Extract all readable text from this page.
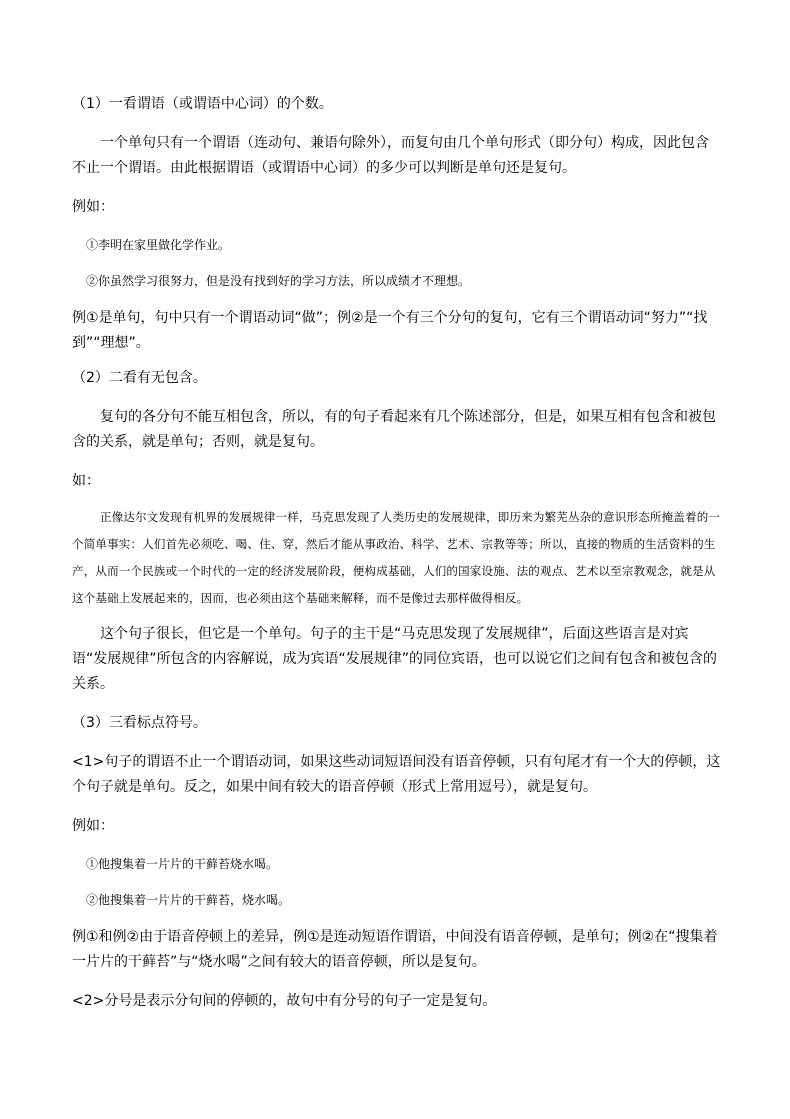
（1）一看谓语（或谓语中心词）的个数。

一个单句只有一个谓语（连动句、兼语句除外），而复句由几个单句形式（即分句）构成，因此包含不止一个谓语。由此根据谓语（或谓语中心词）的多少可以判断是单句还是复句。

例如：

①李明在家里做化学作业。

②你虽然学习很努力，但是没有找到好的学习方法，所以成绩才不理想。

例①是单句，句中只有一个谓语动词“做”；例②是一个有三个分句的复句，它有三个谓语动词“努力”“找到”“理想”。

（2）二看有无包含。

复句的各分句不能互相包含，所以，有的句子看起来有几个陈述部分，但是，如果互相有包含和被包含的关系，就是单句；否则，就是复句。

如：

正像达尔文发现有机界的发展规律一样，马克思发现了人类历史的发展规律，即历来为繁芜丛杂的意识形态所掩盖着的一个简单事实：人们首先必须吃、喝、住、穿，然后才能从事政治、科学、艺术、宗教等等；所以，直接的物质的生活资料的生产，从而一个民族或一个时代的一定的经济发展阶段，便构成基础，人们的国家设施、法的观点、艺术以至宗教观念，就是从这个基础上发展起来的，因而，也必须由这个基础来解释，而不是像过去那样做得相反。

这个句子很长，但它是一个单句。句子的主干是“马克思发现了发展规律”，后面这些语言是对宾语“发展规律”所包含的内容解说，成为宾语“发展规律”的同位宾语，也可以说它们之间有包含和被包含的关系。

（3）三看标点符号。

<1>句子的谓语不止一个谓语动词，如果这些动词短语间没有语音停顿，只有句尾才有一个大的停顿，这个句子就是单句。反之，如果中间有较大的语音停顿（形式上常用逗号），就是复句。

例如：

①他搜集着一片片的干藓苔烧水喝。

②他搜集着一片片的干藓苔，烧水喝。

例①和例②由于语音停顿上的差异，例①是连动短语作谓语，中间没有语音停顿，是单句；例②在“搜集着一片片的干藓苔”与“烧水喝”之间有较大的语音停顿，所以是复句。

<2>分号是表示分句间的停顿的，故句中有分号的句子一定是复句。
